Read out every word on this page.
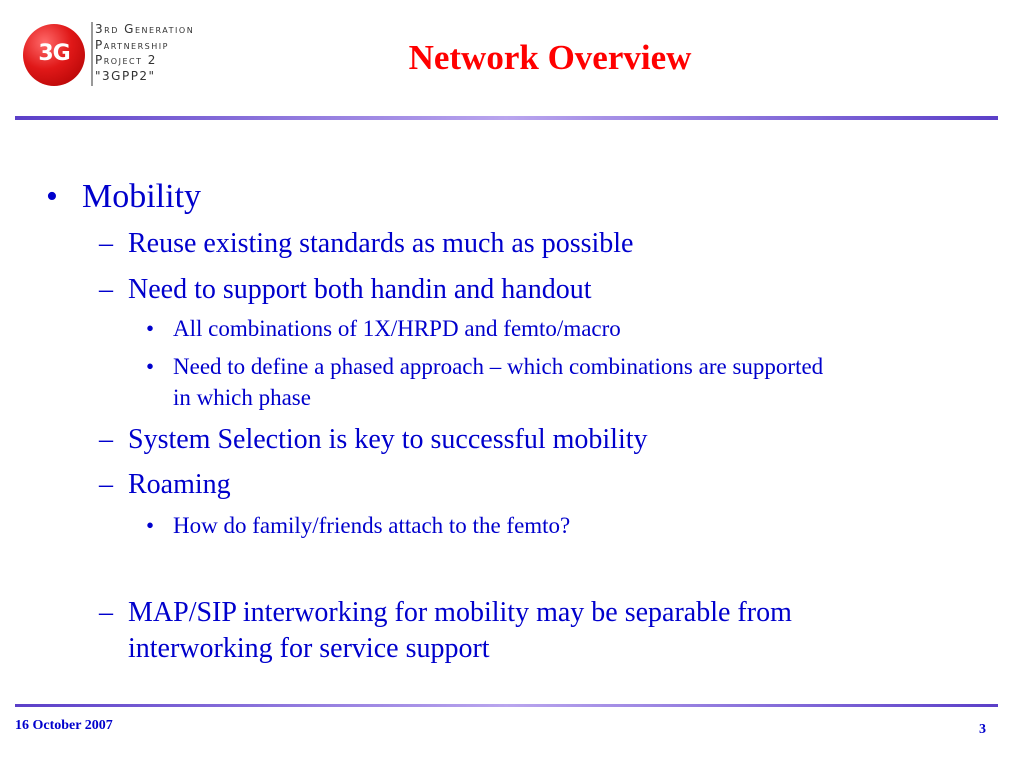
3G
3rd Generation
Partnership
Project 2
"3GPP2"	Network Overview
• Mobility
– Reuse existing standards as much as possible
– Need to support both handin and handout
• All combinations of 1X/HRPD and femto/macro
• Need to define a phased approach – which combinations are supported
in which phase
– System Selection is key to successful mobility
– Roaming
• How do family/friends attach to the femto?
– MAP/SIP interworking for mobility may be separable from
interworking for service support
16 October 2007	3
